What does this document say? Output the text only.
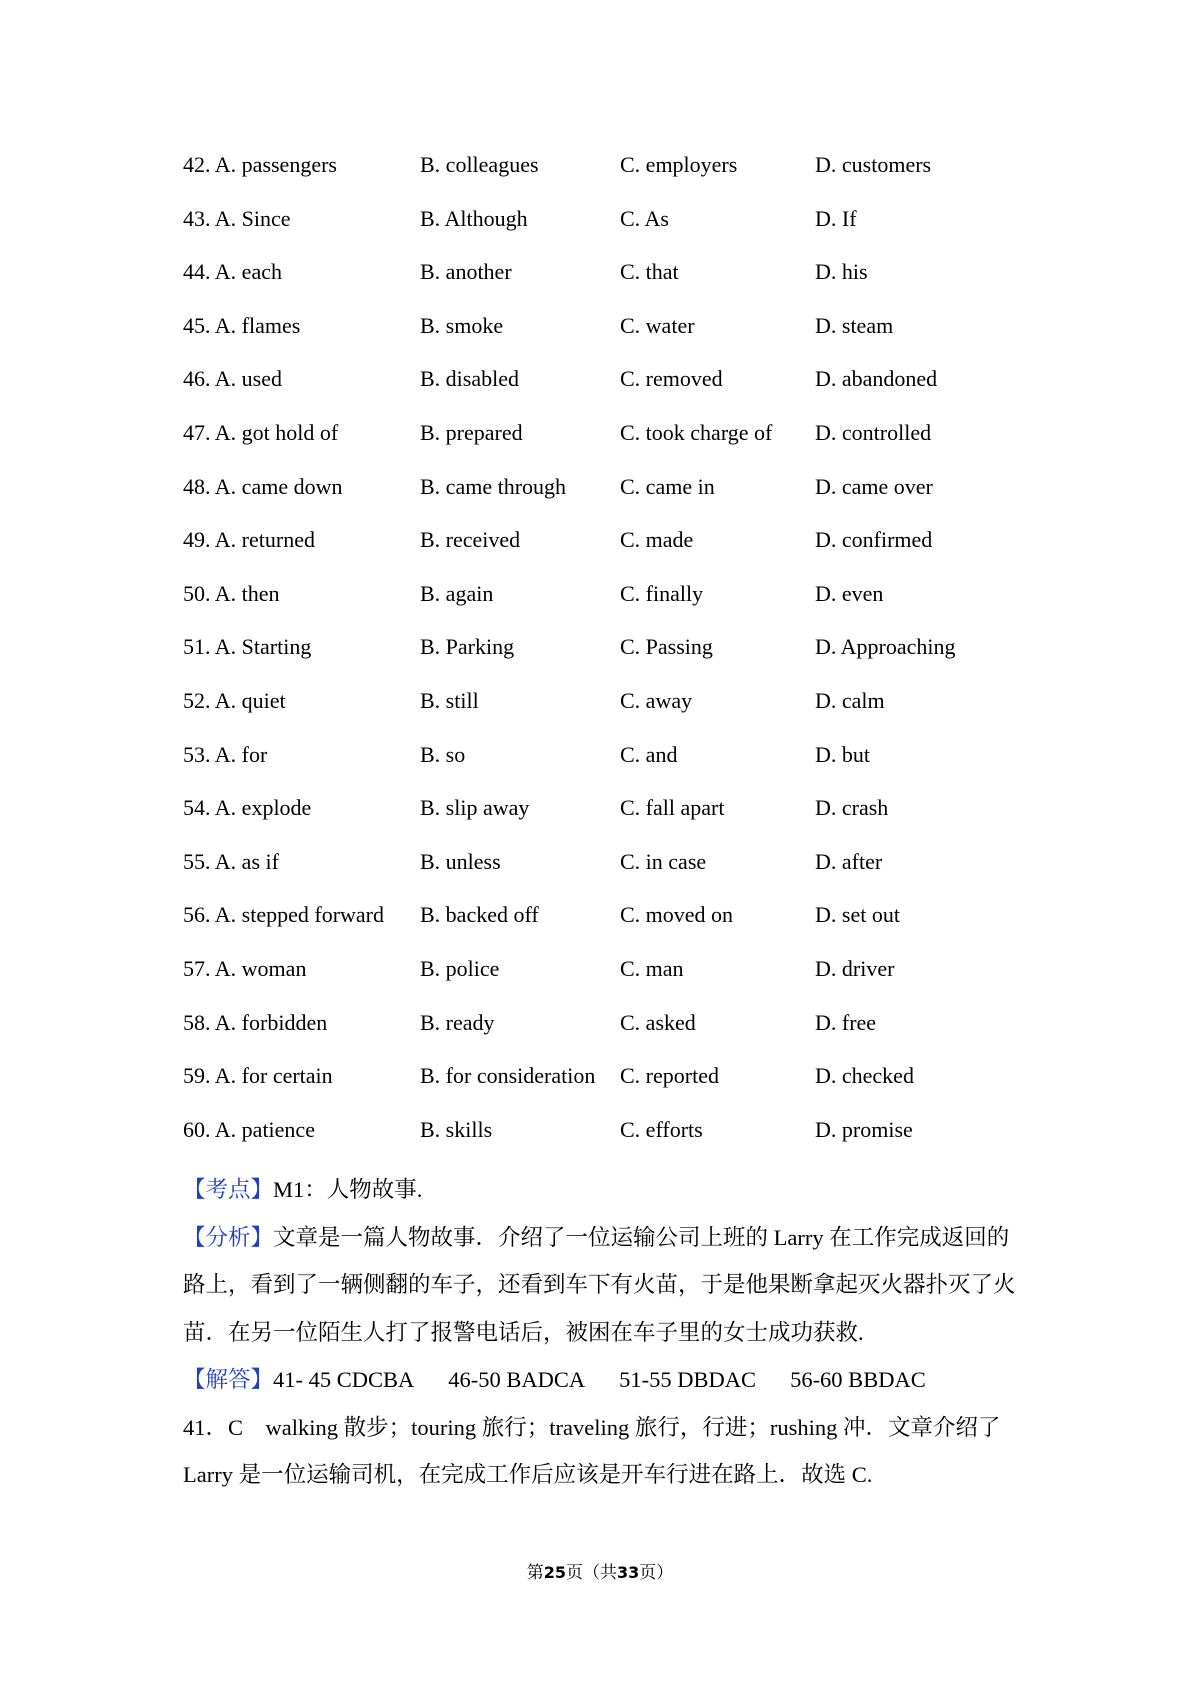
42. A. passengers	B. colleagues	C. employers	D. customers
43. A. Since	B. Although	C. As	D. If
44. A. each	B. another	C. that	D. his
45. A. flames	B. smoke	C. water	D. steam
46. A. used	B. disabled	C. removed	D. abandoned
47. A. got hold of	B. prepared	C. took charge of	D. controlled
48. A. came down	B. came through	C. came in	D. came over
49. A. returned	B. received	C. made	D. confirmed
50. A. then	B. again	C. finally	D. even
51. A. Starting	B. Parking	C. Passing	D. Approaching
52. A. quiet	B. still	C. away	D. calm
53. A. for	B. so	C. and	D. but
54. A. explode	B. slip away	C. fall apart	D. crash
55. A. as if	B. unless	C. in case	D. after
56. A. stepped forward	B. backed off	C. moved on	D. set out
57. A. woman	B. police	C. man	D. driver
58. A. forbidden	B. ready	C. asked	D. free
59. A. for certain	B. for consideration	C. reported	D. checked
60. A. patience	B. skills	C. efforts	D. promise

【考点】M1：人物故事.

【分析】文章是一篇人物故事．介绍了一位运输公司上班的 Larry 在工作完成返回的路上，看到了一辆侧翻的车子，还看到车下有火苗，于是他果断拿起灭火器扑灭了火苗．在另一位陌生人打了报警电话后，被困在车子里的女士成功获救.

【解答】41- 45 CDCBA 46-50 BADCA 51-55 DBDAC 56-60 BBDAC

41．C　walking 散步；touring 旅行；traveling 旅行，行进；rushing 冲．文章介绍了 Larry 是一位运输司机，在完成工作后应该是开车行进在路上．故选 C.

第25页（共33页）
